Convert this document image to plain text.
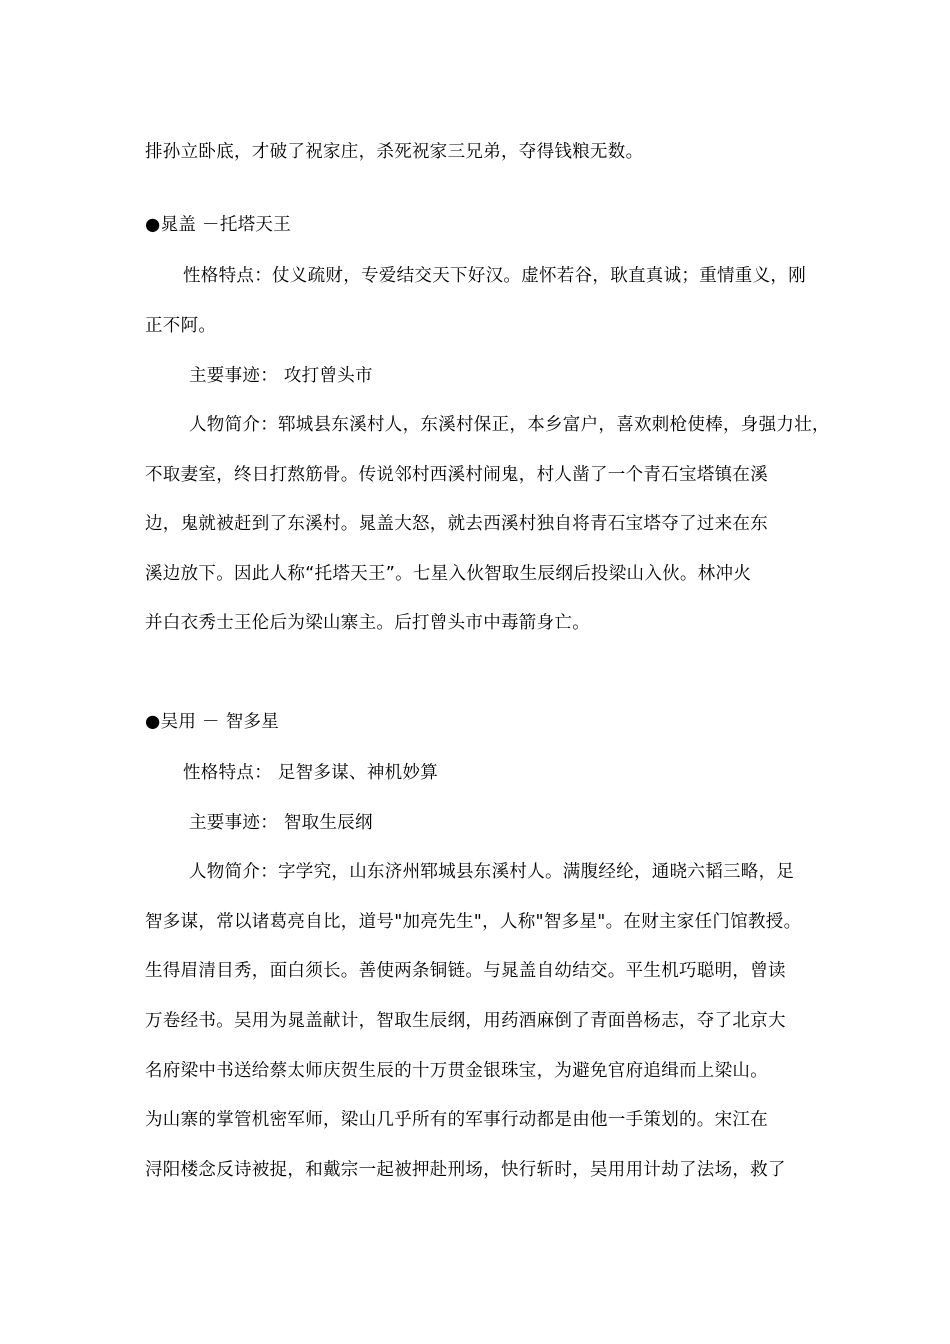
排孙立卧底，才破了祝家庄，杀死祝家三兄弟，夺得钱粮无数。
●晁盖 －托塔天王
性格特点：仗义疏财，专爱结交天下好汉。虚怀若谷，耿直真诚；重情重义，刚
正不阿。
主要事迹： 攻打曾头市
人物简介：郓城县东溪村人，东溪村保正，本乡富户，喜欢刺枪使棒，身强力壮，
不取妻室，终日打熬筋骨。传说邻村西溪村闹鬼，村人凿了一个青石宝塔镇在溪
边，鬼就被赶到了东溪村。晁盖大怒，就去西溪村独自将青石宝塔夺了过来在东
溪边放下。因此人称“托塔天王”。七星入伙智取生辰纲后投梁山入伙。林冲火
并白衣秀士王伦后为梁山寨主。后打曾头市中毒箭身亡。
●吴用 － 智多星
性格特点： 足智多谋、神机妙算
主要事迹： 智取生辰纲
人物简介：字学究，山东济州郓城县东溪村人。满腹经纶，通晓六韬三略，足
智多谋，常以诸葛亮自比，道号"加亮先生"，人称"智多星"。在财主家任门馆教授。
生得眉清目秀，面白须长。善使两条铜链。与晁盖自幼结交。平生机巧聪明，曾读
万卷经书。吴用为晁盖献计，智取生辰纲，用药酒麻倒了青面兽杨志，夺了北京大
名府梁中书送给蔡太师庆贺生辰的十万贯金银珠宝，为避免官府追缉而上梁山。
为山寨的掌管机密军师，梁山几乎所有的军事行动都是由他一手策划的。宋江在
浔阳楼念反诗被捉，和戴宗一起被押赴刑场，快行斩时，吴用用计劫了法场，救了
